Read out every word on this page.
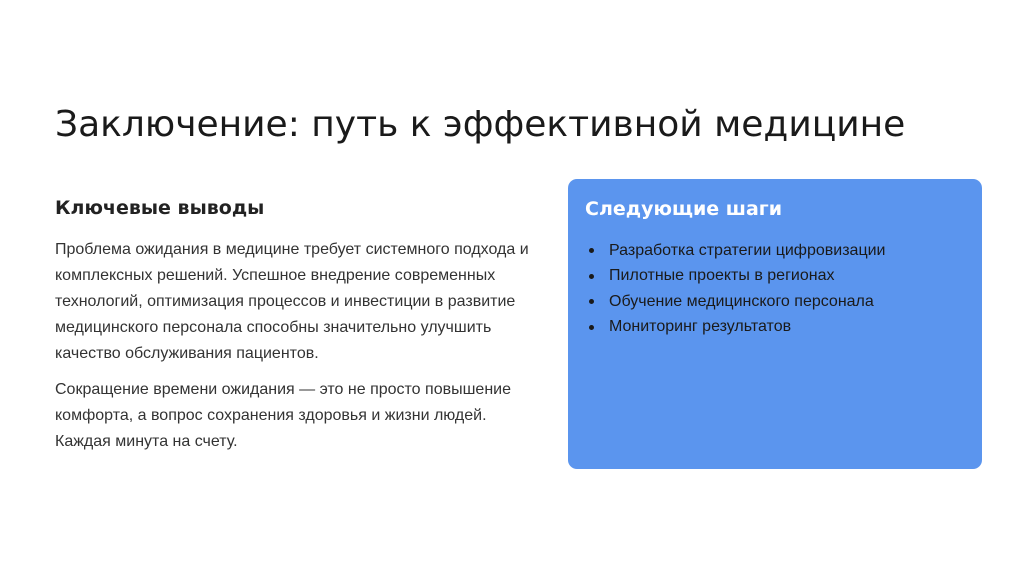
Заключение: путь к эффективной медицине
Ключевые выводы

Проблема ожидания в медицине требует системного подхода и комплексных решений. Успешное внедрение современных технологий, оптимизация процессов и инвестиции в развитие медицинского персонала способны значительно улучшить качество обслуживания пациентов.

Сокращение времени ожидания — это не просто повышение комфорта, а вопрос сохранения здоровья и жизни людей. Каждая минута на счету.

Следующие шаги
Разработка стратегии цифровизации
Пилотные проекты в регионах
Обучение медицинского персонала
Мониторинг результатов
